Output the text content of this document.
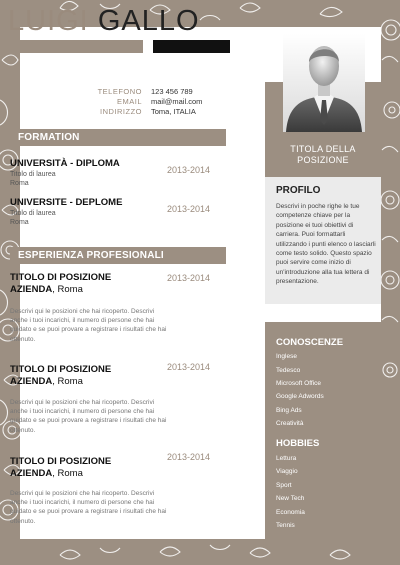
LUIGI GALLO
TELEFONO 123 456 789
EMAIL mail@mail.com
INDIRIZZO Toma, ITALIA
FORMATION
UNIVERSITÀ - DIPLOMA
Titolo di laurea
Roma
2013-2014
UNIVERSITE - DEPLOME
Titolo di laurea
Roma
2013-2014
ESPERIENZA PROFESIONALI
TITOLO DI POSIZIONE
AZIENDA, Roma
2013-2014
Descrivi qui le posizioni che hai ricoperto. Descrivi anche i tuoi incarichi, il numero di persone che hai guidato e se puoi provare a registrare i risultati che hai ottenuto.
TITOLO DI POSIZIONE
AZIENDA, Roma
2013-2014
Descrivi qui le posizioni che hai ricoperto. Descrivi anche i tuoi incarichi, il numero di persone che hai guidato e se puoi provare a registrare i risultati che hai ottenuto.
TITOLO DI POSIZIONE
AZIENDA, Roma
2013-2014
Descrivi qui le posizioni che hai ricoperto. Descrivi anche i tuoi incarichi, il numero di persone che hai guidato e se puoi provare a registrare i risultati che hai ottenuto.
TITOLA DELLA
POSIZIONE
PROFILO
Descrivi in poche righe le tue competenze chiave per la posizione ei tuoi obiettivi di carriera. Puoi formattarli utilizzando i punti elenco o lasciarli come testo solido. Questo spazio puoi servire come inizio di un'introduzione alla tua lettera di presentazione.
CONOSCENZE
Inglese
Tedesco
Microsoft Office
Google Adwords
Bing Ads
Creatività
HOBBIES
Lettura
Viaggio
Sport
New Tech
Economia
Tennis
